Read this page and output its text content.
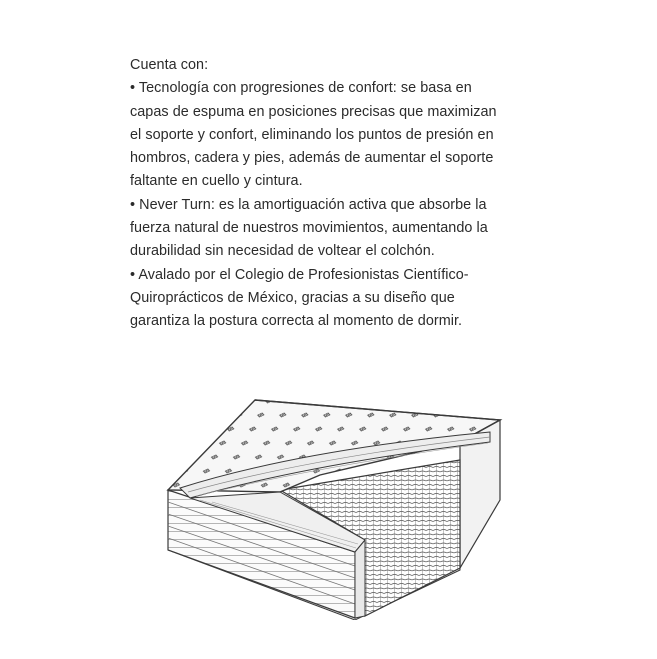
Cuenta con:
• Tecnología con progresiones de confort: se basa en
capas de espuma en posiciones precisas que maximizan
el soporte y confort, eliminando los puntos de presión en
hombros, cadera y pies, además de aumentar el soporte
faltante en cuello y cintura.
• Never Turn: es la amortiguación activa que absorbe la
fuerza natural de nuestros movimientos, aumentando la
durabilidad sin necesidad de voltear el colchón.
• Avalado por el Colegio de Profesionistas Científico-
Quiroprácticos de México, gracias a su diseño que
garantiza la postura correcta al momento de dormir.
